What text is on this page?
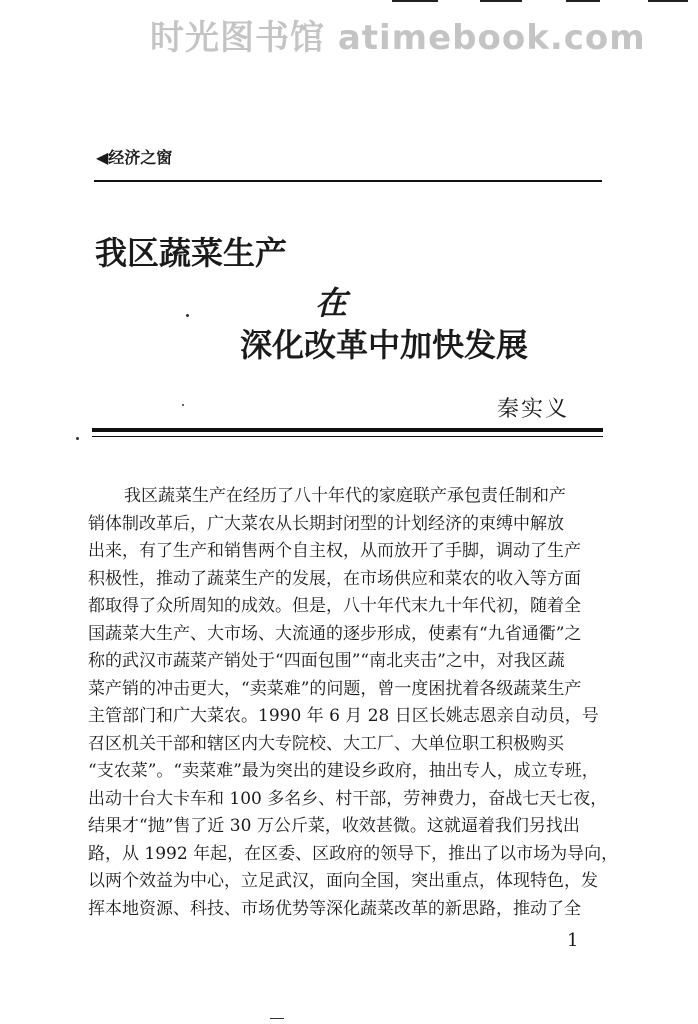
时光图书馆 atimebook.com
◀经济之窗
我区蔬菜生产
在
深化改革中加快发展
秦实义
我区蔬菜生产在经历了八十年代的家庭联产承包责任制和产
销体制改革后，广大菜农从长期封闭型的计划经济的束缚中解放
出来，有了生产和销售两个自主权，从而放开了手脚，调动了生产
积极性，推动了蔬菜生产的发展，在市场供应和菜农的收入等方面
都取得了众所周知的成效。但是，八十年代末九十年代初，随着全
国蔬菜大生产、大市场、大流通的逐步形成，使素有“九省通衢”之
称的武汉市蔬菜产销处于“四面包围”“南北夹击”之中，对我区蔬
菜产销的冲击更大，“卖菜难”的问题，曾一度困扰着各级蔬菜生产
主管部门和广大菜农。1990 年 6 月 28 日区长姚志恩亲自动员，号
召区机关干部和辖区内大专院校、大工厂、大单位职工积极购买
“支农菜”。“卖菜难”最为突出的建设乡政府，抽出专人，成立专班，
出动十台大卡车和 100 多名乡、村干部，劳神费力，奋战七天七夜，
结果才“抛”售了近 30 万公斤菜，收效甚微。这就逼着我们另找出
路，从 1992 年起，在区委、区政府的领导下，推出了以市场为导向，
以两个效益为中心，立足武汉，面向全国，突出重点，体现特色，发
挥本地资源、科技、市场优势等深化蔬菜改革的新思路，推动了全
1
